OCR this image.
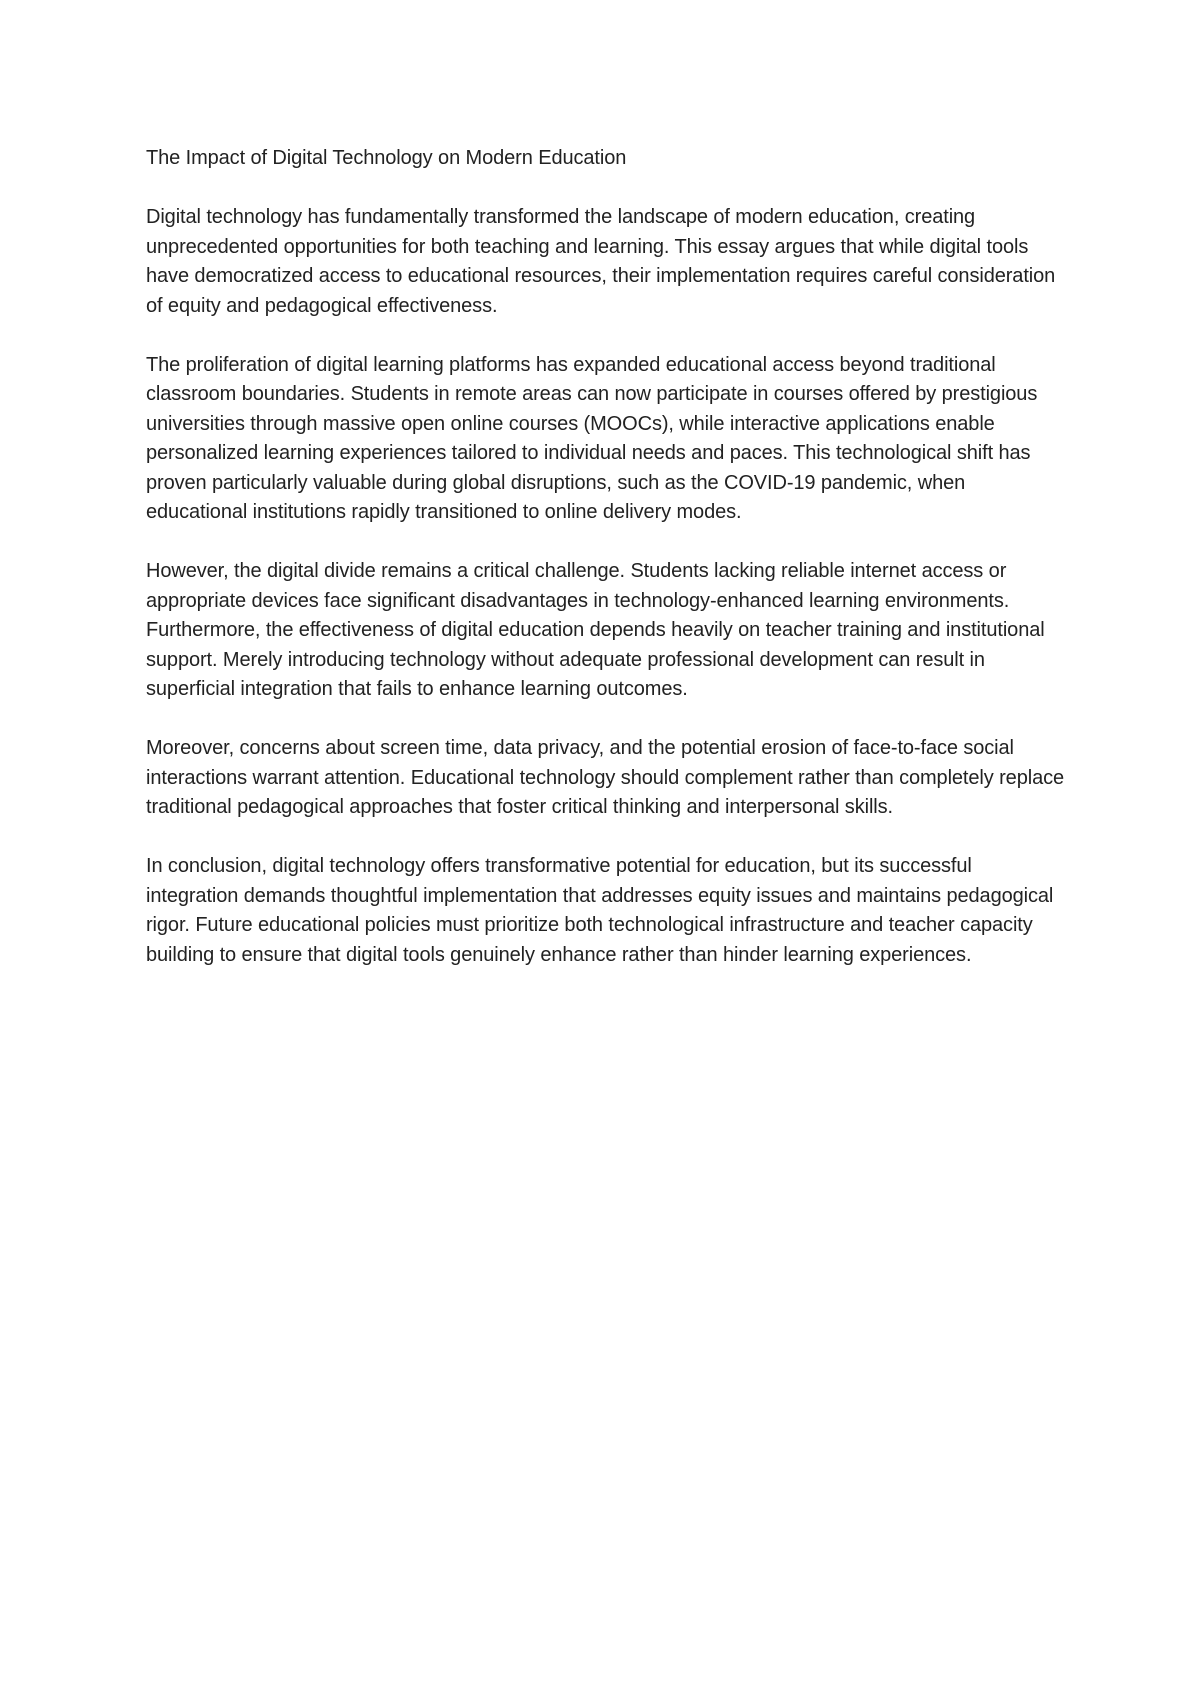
The Impact of Digital Technology on Modern Education

Digital technology has fundamentally transformed the landscape of modern education, creating unprecedented opportunities for both teaching and learning. This essay argues that while digital tools have democratized access to educational resources, their implementation requires careful consideration of equity and pedagogical effectiveness.

The proliferation of digital learning platforms has expanded educational access beyond traditional classroom boundaries. Students in remote areas can now participate in courses offered by prestigious universities through massive open online courses (MOOCs), while interactive applications enable personalized learning experiences tailored to individual needs and paces. This technological shift has proven particularly valuable during global disruptions, such as the COVID-19 pandemic, when educational institutions rapidly transitioned to online delivery modes.

However, the digital divide remains a critical challenge. Students lacking reliable internet access or appropriate devices face significant disadvantages in technology-enhanced learning environments. Furthermore, the effectiveness of digital education depends heavily on teacher training and institutional support. Merely introducing technology without adequate professional development can result in superficial integration that fails to enhance learning outcomes.

Moreover, concerns about screen time, data privacy, and the potential erosion of face-to-face social interactions warrant attention. Educational technology should complement rather than completely replace traditional pedagogical approaches that foster critical thinking and interpersonal skills.

In conclusion, digital technology offers transformative potential for education, but its successful integration demands thoughtful implementation that addresses equity issues and maintains pedagogical rigor. Future educational policies must prioritize both technological infrastructure and teacher capacity building to ensure that digital tools genuinely enhance rather than hinder learning experiences.
